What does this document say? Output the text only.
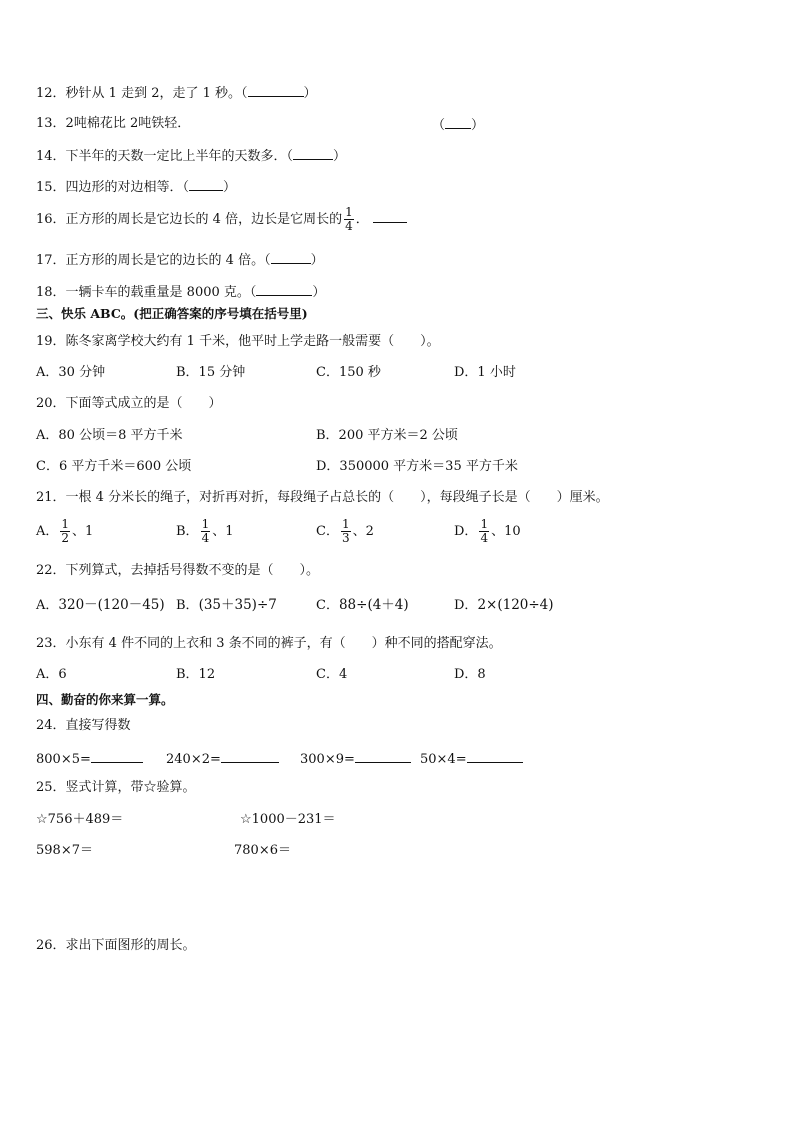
12．秒针从 1 走到 2，走了 1 秒。（	）
13．2吨棉花比 2吨铁轻．	（ ）
14．下半年的天数一定比上半年的天数多．（	）
15．四边形的对边相等．（	）
16．正方形的周长是它边长的 4 倍，边长是它周长的 $\frac{1}{4}$ ．
17．正方形的周长是它的边长的 4 倍。（	）
18．一辆卡车的载重量是 8000 克。（	）
三、快乐 ABC。(把正确答案的序号填在括号里)
19．陈冬家离学校大约有 1 千米，他平时上学走路一般需要（　　）。
A．30 分钟	B．15 分钟	C．150 秒	D．1 小时
20．下面等式成立的是（　　）
A．80 公顷＝8 平方千米	B．200 平方米＝2 公顷
C．6 平方千米＝600 公顷	D．350000 平方米＝35 平方千米
21．一根 4 分米长的绳子，对折再对折，每段绳子占总长的（　　），每段绳子长是（　　）厘米。
A． $\frac{1}{2}$ 、1	B． $\frac{1}{4}$ 、1	C． $\frac{1}{3}$ 、2	D． $\frac{1}{4}$ 、10
22．下列算式，去掉括号得数不变的是（　　）。
A．320－(120－45) B．(35＋35)÷7	C．88÷(4＋4)	D．2×(120÷4)
23．小东有 4 件不同的上衣和 3 条不同的裤子，有（　　）种不同的搭配穿法。
A．6	B．12	C．4	D．8
四、勤奋的你来算一算。
24．直接写得数
800×5=	240×2=	300×9=	50×4=
25．竖式计算，带☆验算。
☆756＋489＝	☆1000－231＝
598×7＝	780×6＝
26．求出下面图形的周长。
